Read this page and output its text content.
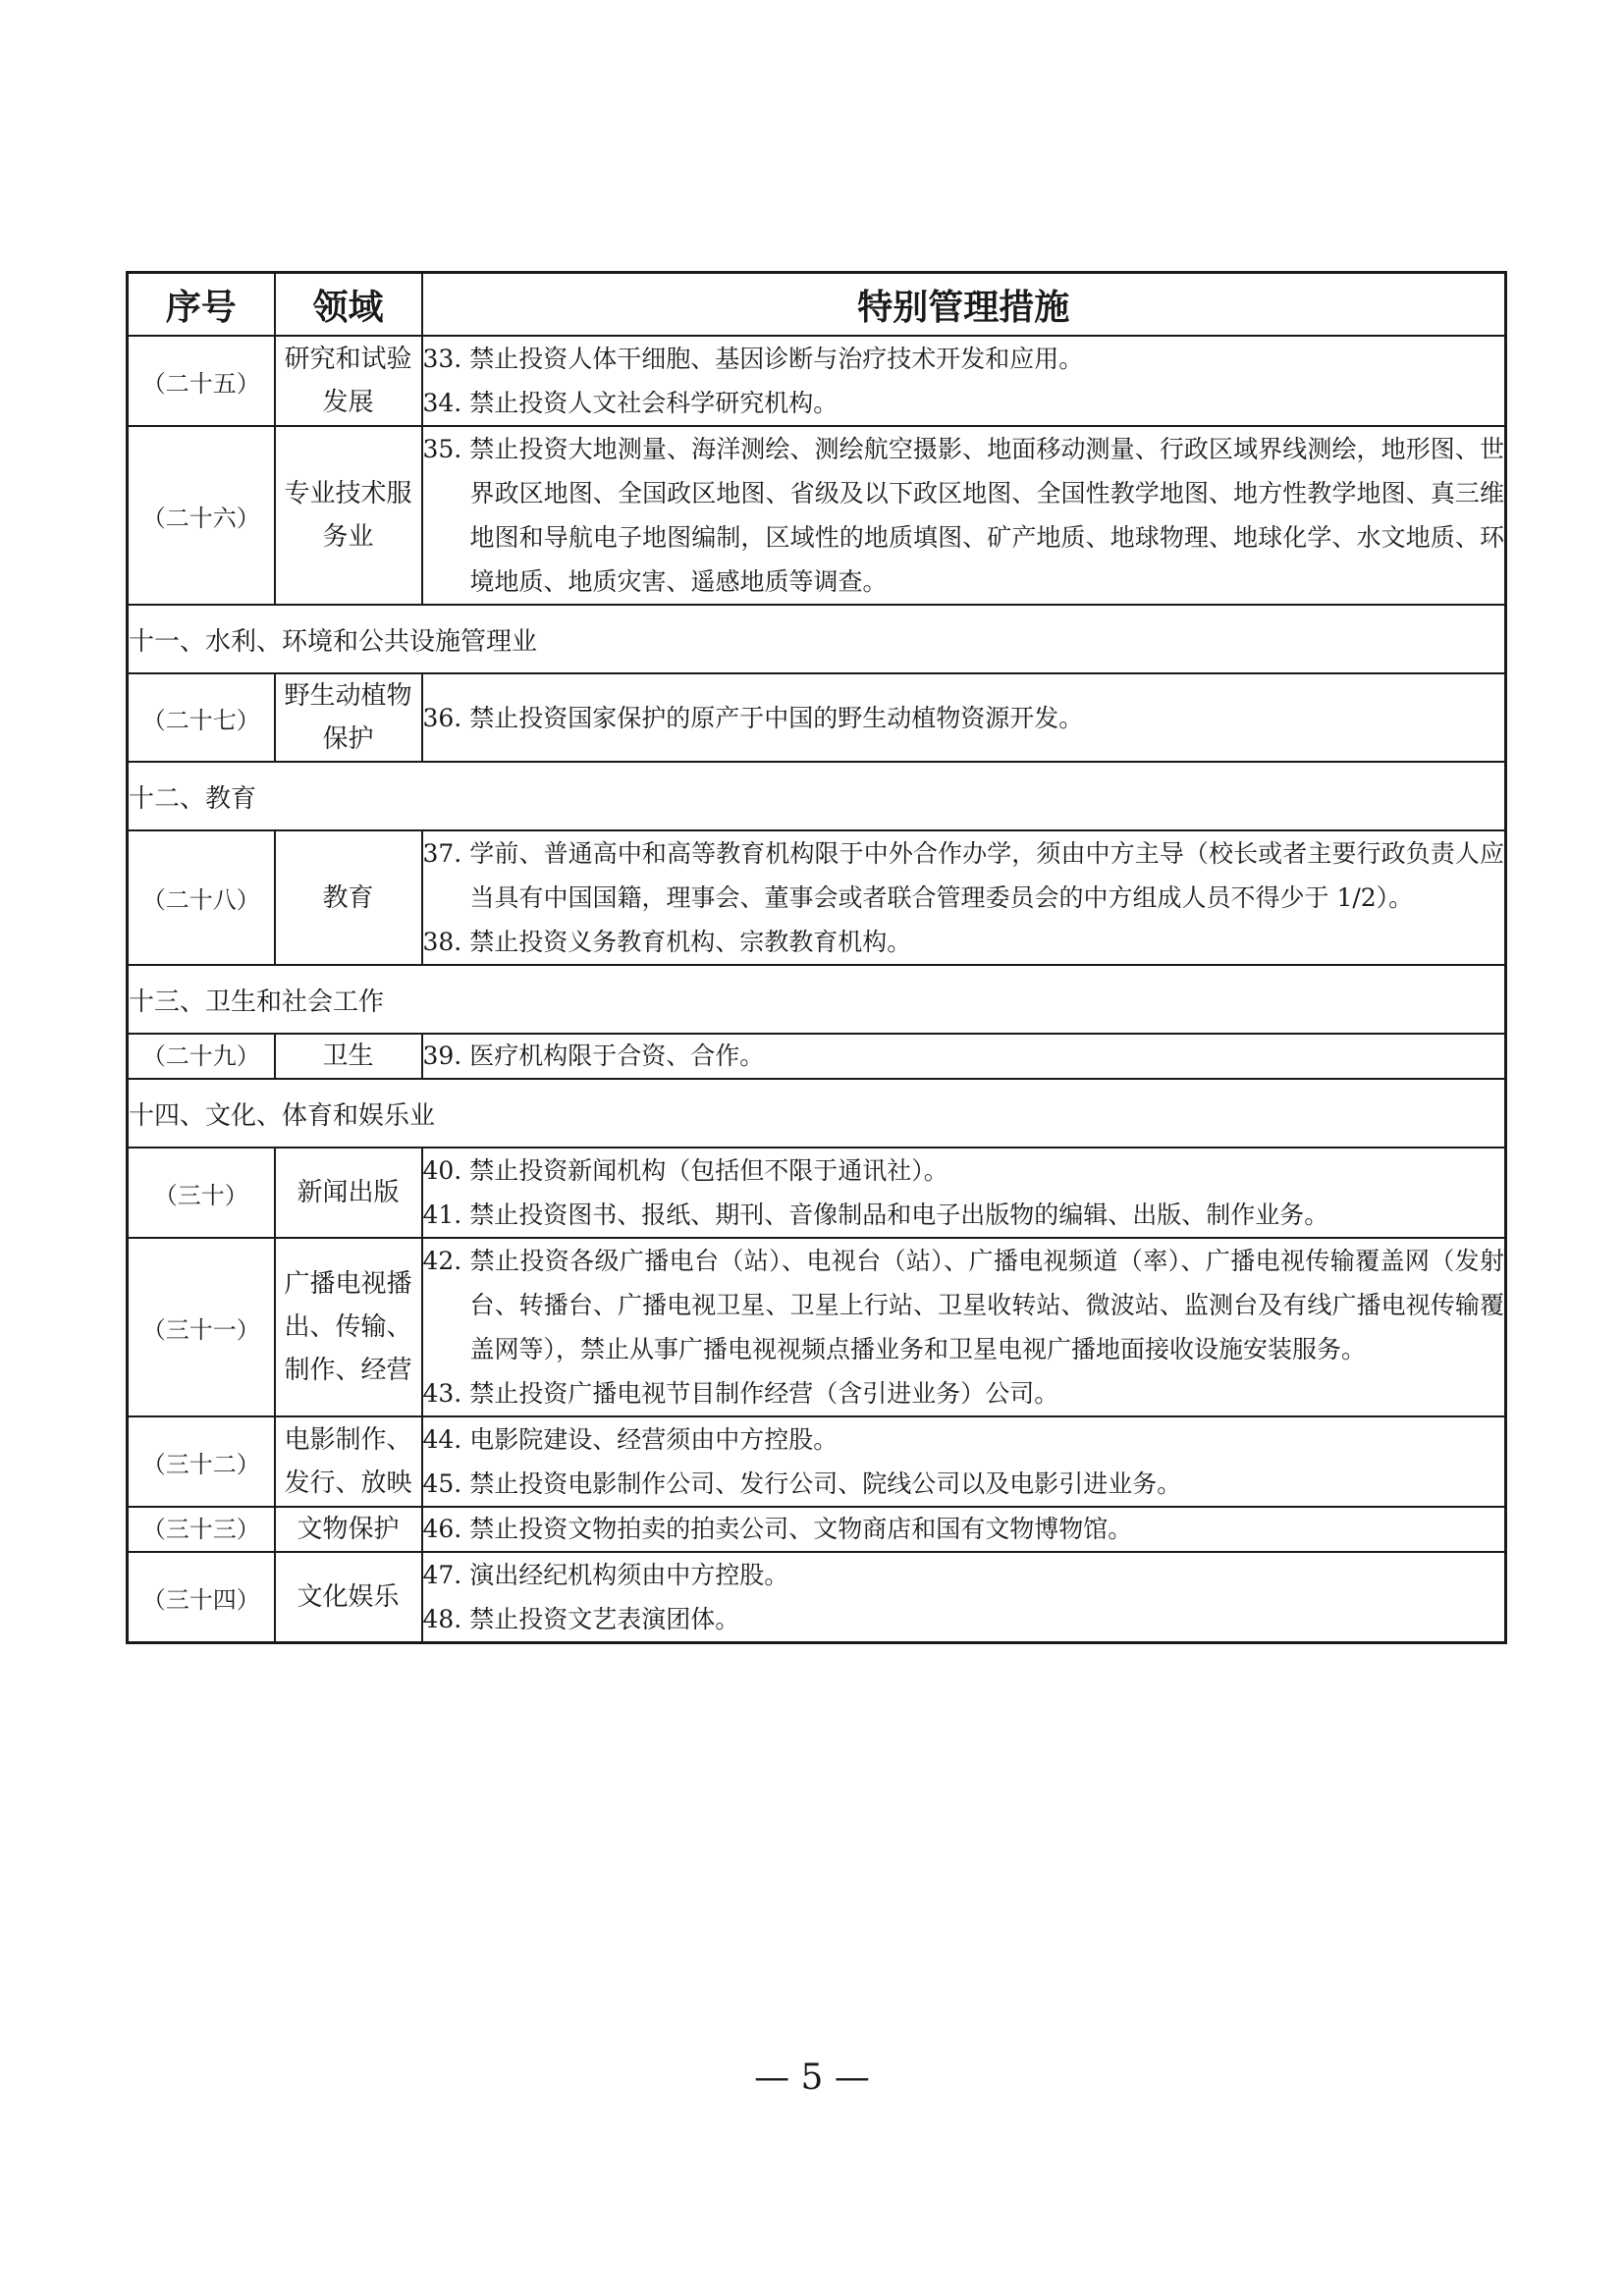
序号	领域	特别管理措施
（二十五）	研究和试验发展	33. 禁止投资人体干细胞、基因诊断与治疗技术开发和应用。
34. 禁止投资人文社会科学研究机构。

（二十六）	专业技术服务业	35. 禁止投资大地测量、海洋测绘、测绘航空摄影、地面移动测量、行政区域界线测绘，地形图、世界政区地图、全国政区地图、省级及以下政区地图、全国性教学地图、地方性教学地图、真三维地图和导航电子地图编制，区域性的地质填图、矿产地质、地球物理、地球化学、水文地质、环境地质、地质灾害、遥感地质等调查。

十一、水利、环境和公共设施管理业		
（二十七）	野生动植物保护	36. 禁止投资国家保护的原产于中国的野生动植物资源开发。

十二、教育		
（二十八）	教育	37. 学前、普通高中和高等教育机构限于中外合作办学，须由中方主导（校长或者主要行政负责人应当具有中国国籍，理事会、董事会或者联合管理委员会的中方组成人员不得少于 1/2）。
38. 禁止投资义务教育机构、宗教教育机构。

十三、卫生和社会工作		
（二十九）	卫生	39. 医疗机构限于合资、合作。

十四、文化、体育和娱乐业		
（三十）	新闻出版	40. 禁止投资新闻机构（包括但不限于通讯社）。
41. 禁止投资图书、报纸、期刊、音像制品和电子出版物的编辑、出版、制作业务。

（三十一）	广播电视播出、传输、制作、经营	42. 禁止投资各级广播电台（站）、电视台（站）、广播电视频道（率）、广播电视传输覆盖网（发射台、转播台、广播电视卫星、卫星上行站、卫星收转站、微波站、监测台及有线广播电视传输覆盖网等），禁止从事广播电视视频点播业务和卫星电视广播地面接收设施安装服务。
43. 禁止投资广播电视节目制作经营（含引进业务）公司。

（三十二）	电影制作、发行、放映	44. 电影院建设、经营须由中方控股。
45. 禁止投资电影制作公司、发行公司、院线公司以及电影引进业务。

（三十三）	文物保护	46. 禁止投资文物拍卖的拍卖公司、文物商店和国有文物博物馆。

（三十四）	文化娱乐	47. 演出经纪机构须由中方控股。
48. 禁止投资文艺表演团体。
— 5 —
